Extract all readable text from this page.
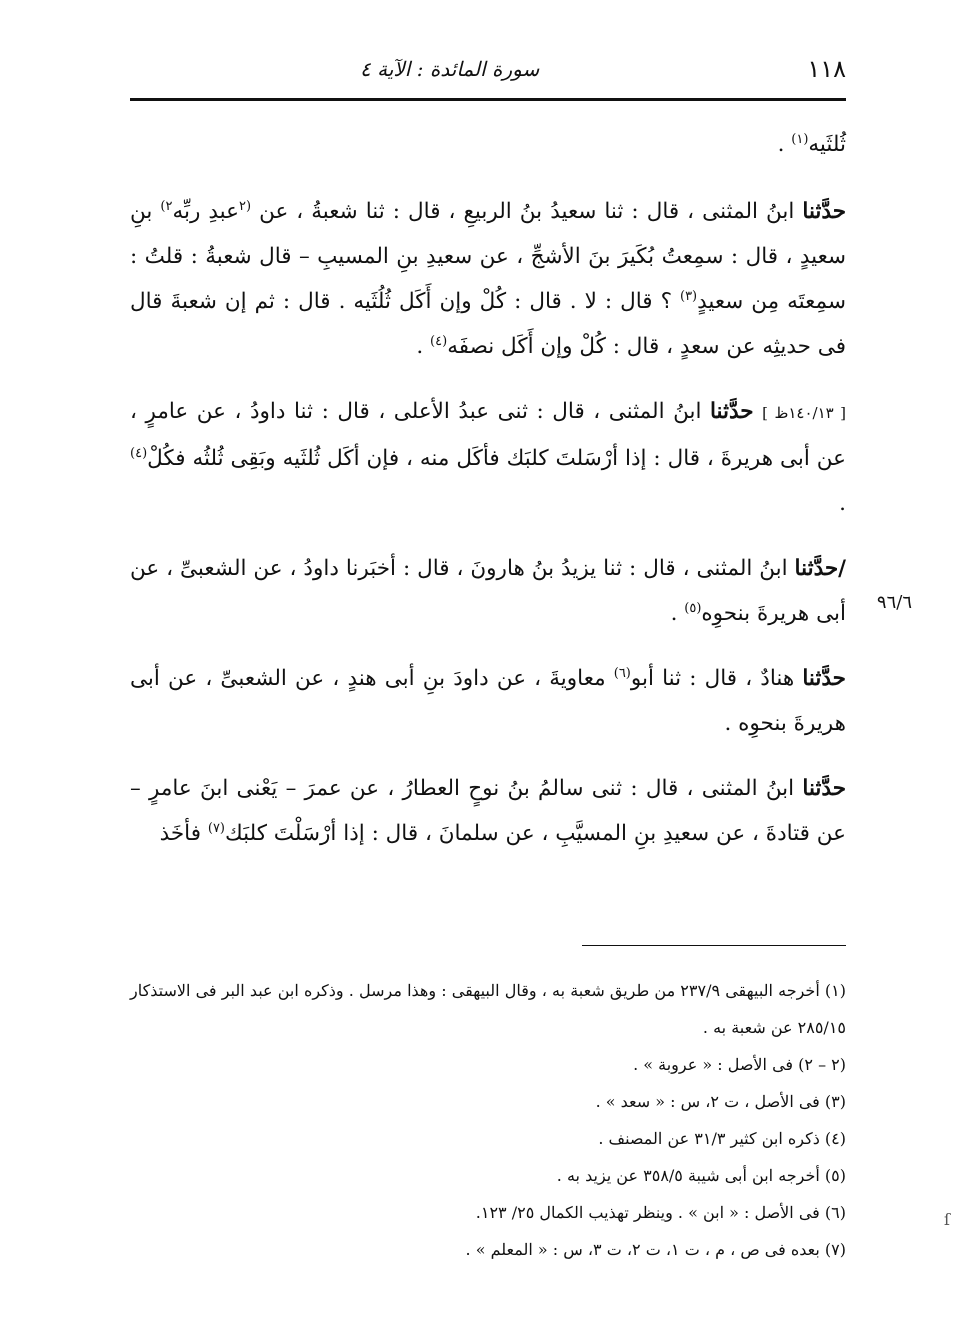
١١٨
سورة المائدة : الآية ٤
٩٦/٦

ثُلثَيه$^{(١)}$ .

حدَّثنا ابنُ المثنى ، قال : ثنا سعيدُ بنُ الربيعِ ، قال : ثنا شعبةُ ، عن $^{(٢}$عبدِ ربِّه$^{٢)}$ بنِ سعيدٍ ، قال : سمِعتُ بُكَيرَ بنَ الأشجِّ ، عن سعيدِ بنِ المسيبِ – قال شعبةُ : قلتُ : سمِعتَه مِن سعيدٍ$^{(٣)}$ ؟ قال : لا . قال : كُلْ وإن أَكَل ثُلُثَيه . قال : ثم إن شعبةَ قال فى حديثِه عن سعدٍ ، قال : كُلْ وإن أَكَل نصفَه$^{(٤)}$ .

[ ١٤٠/١٣ظ ] حدَّثنا ابنُ المثنى ، قال : ثنى عبدُ الأعلى ، قال : ثنا داودُ ، عن عامرٍ ، عن أبى هريرةَ ، قال : إذا أرْسَلتَ كلبَك فأكَل منه ، فإن أكَل ثُلثَيه وبَقِى ثُلثُه فكُلْ$^{(٤)}$ .

/حدَّثنا ابنُ المثنى ، قال : ثنا يزيدُ بنُ هارونَ ، قال : أخبَرنا داودُ ، عن الشعبىِّ ، عن أبى هريرةَ بنحوِه$^{(٥)}$ .

حدَّثنا هنادٌ ، قال : ثنا أبو$^{(٦)}$ معاويةَ ، عن داودَ بنِ أبى هندٍ ، عن الشعبىِّ ، عن أبى هريرةَ بنحوِه .

حدَّثنا ابنُ المثنى ، قال : ثنى سالمُ بنُ نوحٍ العطارُ ، عن عمرَ – يَعْنى ابنَ عامرٍ – عن قتادةَ ، عن سعيدِ بنِ المسيَّبِ ، عن سلمانَ ، قال : إذا أرْسَلْتَ كلبَك$^{(٧)}$ فأخَذ

(١) أخرجه البيهقى ٢٣٧/٩ من طريق شعبة به ، وقال البيهقى : وهذا مرسل . وذكره ابن عبد البر فى الاستذكار ٢٨٥/١٥ عن شعبة به .

(٢ – ٢) فى الأصل : « عروبة » .

(٣) فى الأصل ، ت ٢، س : « سعد » .

(٤) ذكره ابن كثير ٣١/٣ عن المصنف .

(٥) أخرجه ابن أبى شيبة ٣٥٨/٥ عن يزيد به .

(٦) فى الأصل : « ابن » . وينظر تهذيب الكمال ٢٥/ ١٢٣.

(٧) بعده فى ص ، م ، ت ١، ت ٢، ت ٣، س : « المعلم » .

ſ
